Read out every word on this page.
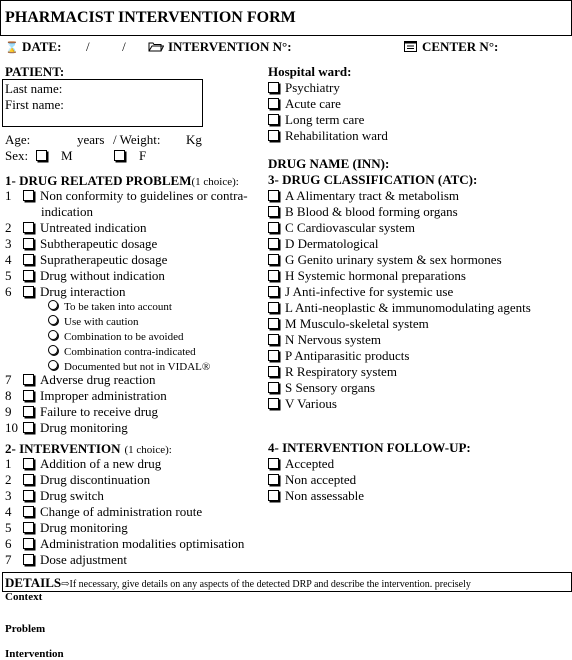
PHARMACIST INTERVENTION FORM
⌛ DATE: /	/	INTERVENTION N°:	CENTER N°:
PATIENT:
Last name:
First name:
Age:	years / Weight: Kg
Sex:	M	F
Hospital ward:
Psychiatry
Acute care
Long term care
Rehabilitation ward
DRUG NAME (INN):
3- DRUG CLASSIFICATION (ATC):
A Alimentary tract & metabolism
B Blood & blood forming organs
C Cardiovascular system
D Dermatological
G Genito urinary system & sex hormones
H Systemic hormonal preparations
J Anti-infective for systemic use
L Anti-neoplastic & immunomodulating agents
M Musculo-skeletal system
N Nervous system
P Antiparasitic products
R Respiratory system
S Sensory organs
V Various
1- DRUG RELATED PROBLEM(1 choice):
1 Non conformity to guidelines or contra-
indication
2 Untreated indication
3 Subtherapeutic dosage
4 Supratherapeutic dosage
5 Drug without indication
6 Drug interaction
To be taken into account
Use with caution
Combination to be avoided
Combination contra-indicated
Documented but not in VIDAL®
7 Adverse drug reaction
8 Improper administration
9 Failure to receive drug
10 Drug monitoring
2- INTERVENTION (1 choice):
1 Addition of a new drug
2 Drug discontinuation
3 Drug switch
4 Change of administration route
5 Drug monitoring
6 Administration modalities optimisation
7 Dose adjustment
4- INTERVENTION FOLLOW-UP:
Accepted
Non accepted
Non assessable
DETAILS⇨If necessary, give details on any aspects of the detected DRP and describe the intervention. precisely
Context
Problem
Intervention
